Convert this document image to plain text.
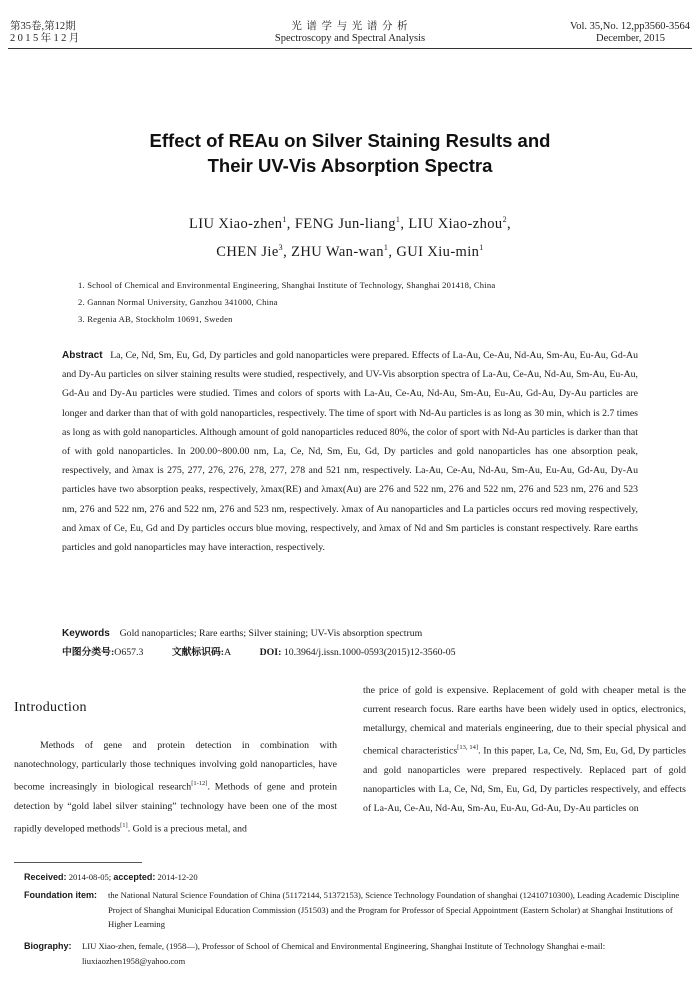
第35卷,第12期
2015年12月
光 谱 学 与 光 谱 分 析
Spectroscopy and Spectral Analysis
Vol. 35,No. 12,pp3560-3564
December, 2015
Effect of REAu on Silver Staining Results and
Their UV-Vis Absorption Spectra
LIU Xiao-zhen$^1$, FENG Jun-liang$^1$, LIU Xiao-zhou$^2$,
CHEN Jie$^3$, ZHU Wan-wan$^1$, GUI Xiu-$\min^1$
1. School of Chemical and Environmental Engineering, Shanghai Institute of Technology, Shanghai 201418, China
2. Gannan Normal University, Ganzhou 341000, China
3. Regenia AB, Stockholm 10691, Sweden
Abstract La, Ce, Nd, Sm, Eu, Gd, Dy particles and gold nanoparticles were prepared. Effects of La-Au, Ce-Au, Nd-Au, Sm-Au, Eu-Au, Gd-Au and Dy-Au particles on silver staining results were studied, respectively, and UV-Vis absorption spectra of La-Au, Ce-Au, Nd-Au, Sm-Au, Eu-Au, Gd-Au and Dy-Au particles were studied. Times and colors of sports with La-Au, Ce-Au, Nd-Au, Sm-Au, Eu-Au, Gd-Au, Dy-Au particles are longer and darker than that of with gold nanoparticles, respectively. The time of sport with Nd-Au particles is as long as 30 min, which is 2.7 times as long as with gold nanoparticles. Although amount of gold nanoparticles reduced 80%, the color of sport with Nd-Au particles is darker than that of with gold nanoparticles. In 200.00~800.00 nm, La, Ce, Nd, Sm, Eu, Gd, Dy particles and gold nanoparticles has one absorption peak, respectively, and λmax is 275, 277, 276, 276, 278, 277, 278 and 521 nm, respectively. La-Au, Ce-Au, Nd-Au, Sm-Au, Eu-Au, Gd-Au, Dy-Au particles have two absorption peaks, respectively, λmax(RE) and λmax(Au) are 276 and 522 nm, 276 and 522 nm, 276 and 523 nm, 276 and 523 nm, 276 and 522 nm, 276 and 522 nm, 276 and 523 nm, respectively. λmax of Au nanoparticles and La particles occurs red moving respectively, and λmax of Ce, Eu, Gd and Dy particles occurs blue moving, respectively, and λmax of Nd and Sm particles is constant respectively. Rare earths particles and gold nanoparticles may have interaction, respectively.
Keywords Gold nanoparticles; Rare earths; Silver staining; UV-Vis absorption spectrum
中图分类号:O657.3	文献标识码:A	DOI: 10.3964/j.issn.1000-0593(2015)12-3560-05
Introduction
Methods of gene and protein detection in combination with nanotechnology, particularly those techniques involving gold nanoparticles, have become increasingly in biological research[1-12]. Methods of gene and protein detection by “gold label silver staining” technology have been one of the most rapidly developed methods[1]. Gold is a precious metal, and
the price of gold is expensive. Replacement of gold with cheaper metal is the current research focus. Rare earths have been widely used in optics, electronics, metallurgy, chemical and materials engineering, due to their special physical and chemical characteristics[13, 14]. In this paper, La, Ce, Nd, Sm, Eu, Gd, Dy particles and gold nanoparticles were prepared respectively. Replaced part of gold nanoparticles with La, Ce, Nd, Sm, Eu, Gd, Dy particles respectively, and effects of La-Au, Ce-Au, Nd-Au, Sm-Au, Eu-Au, Gd-Au, Dy-Au particles on
Received: 2014-08-05; accepted: 2014-12-20
Foundation item:	the National Natural Science Foundation of China (51172144, 51372153), Science Technology Foundation of shanghai (12410710300), Leading Academic Discipline Project of Shanghai Municipal Education Commission (J51503) and the Program for Professor of Special Appointment (Eastern Scholar) at Shanghai Institutions of Higher Learning
Biography:	LIU Xiao-zhen, female, (1958—), Professor of School of Chemical and Environmental Engineering, Shanghai Institute of Technology Shanghai e-mail: liuxiaozhen1958@yahoo.com
